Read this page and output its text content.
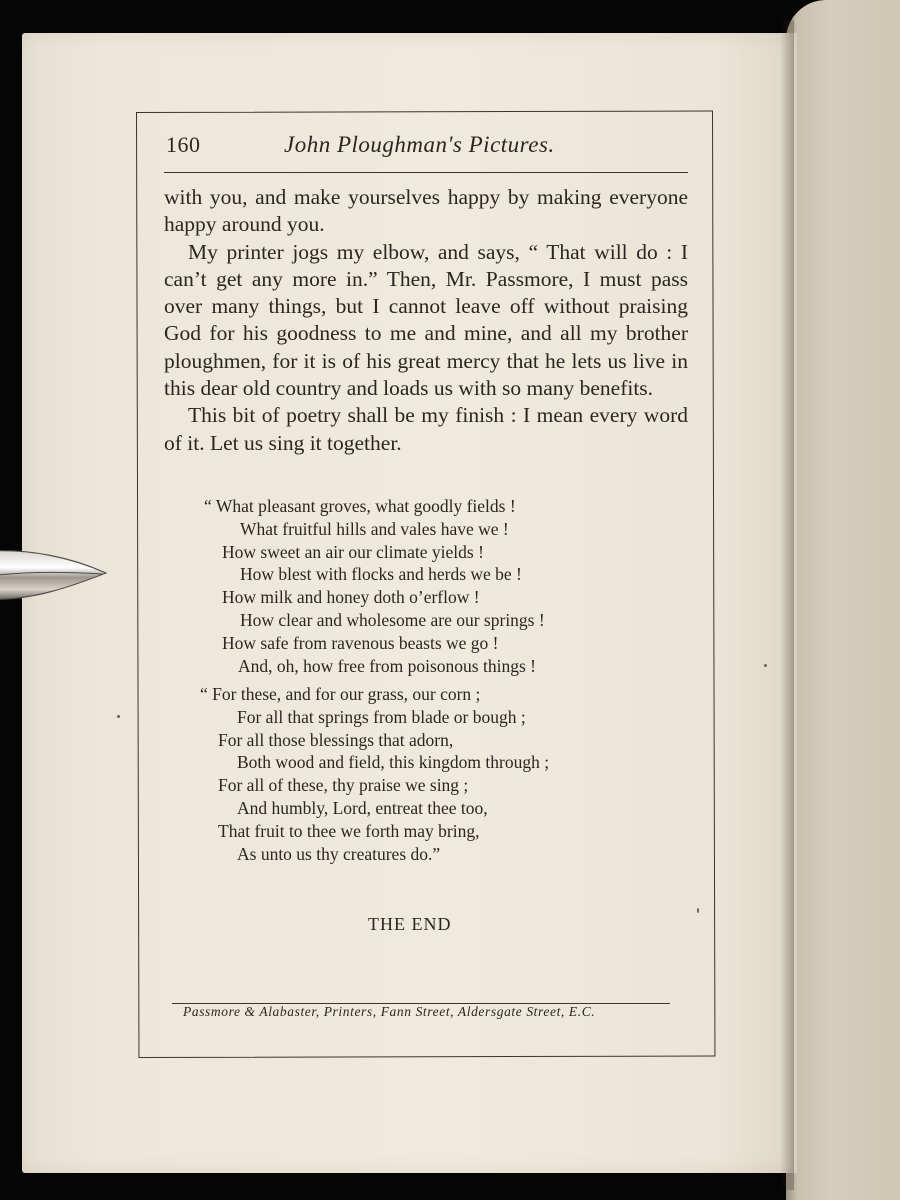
160	John Ploughman's Pictures.

with you, and make yourselves happy by making everyone happy around you.

My printer jogs my elbow, and says, “ That will do : I can’t get any more in.” Then, Mr. Passmore, I must pass over many things, but I cannot leave off without praising God for his goodness to me and mine, and all my brother ploughmen, for it is of his great mercy that he lets us live in this dear old country and loads us with so many benefits.

This bit of poetry shall be my finish : I mean every word of it. Let us sing it together.

“ What pleasant groves, what goodly fields !
What fruitful hills and vales have we !
How sweet an air our climate yields !
How blest with flocks and herds we be !
How milk and honey doth o’erflow !
How clear and wholesome are our springs !
How safe from ravenous beasts we go !
And, oh, how free from poisonous things !
“ For these, and for our grass, our corn ;
For all that springs from blade or bough ;
For all those blessings that adorn,
Both wood and field, this kingdom through ;
For all of these, thy praise we sing ;
And humbly, Lord, entreat thee too,
That fruit to thee we forth may bring,
As unto us thy creatures do.”
THE END
Passmore & Alabaster, Printers, Fann Street, Aldersgate Street, E.C.
